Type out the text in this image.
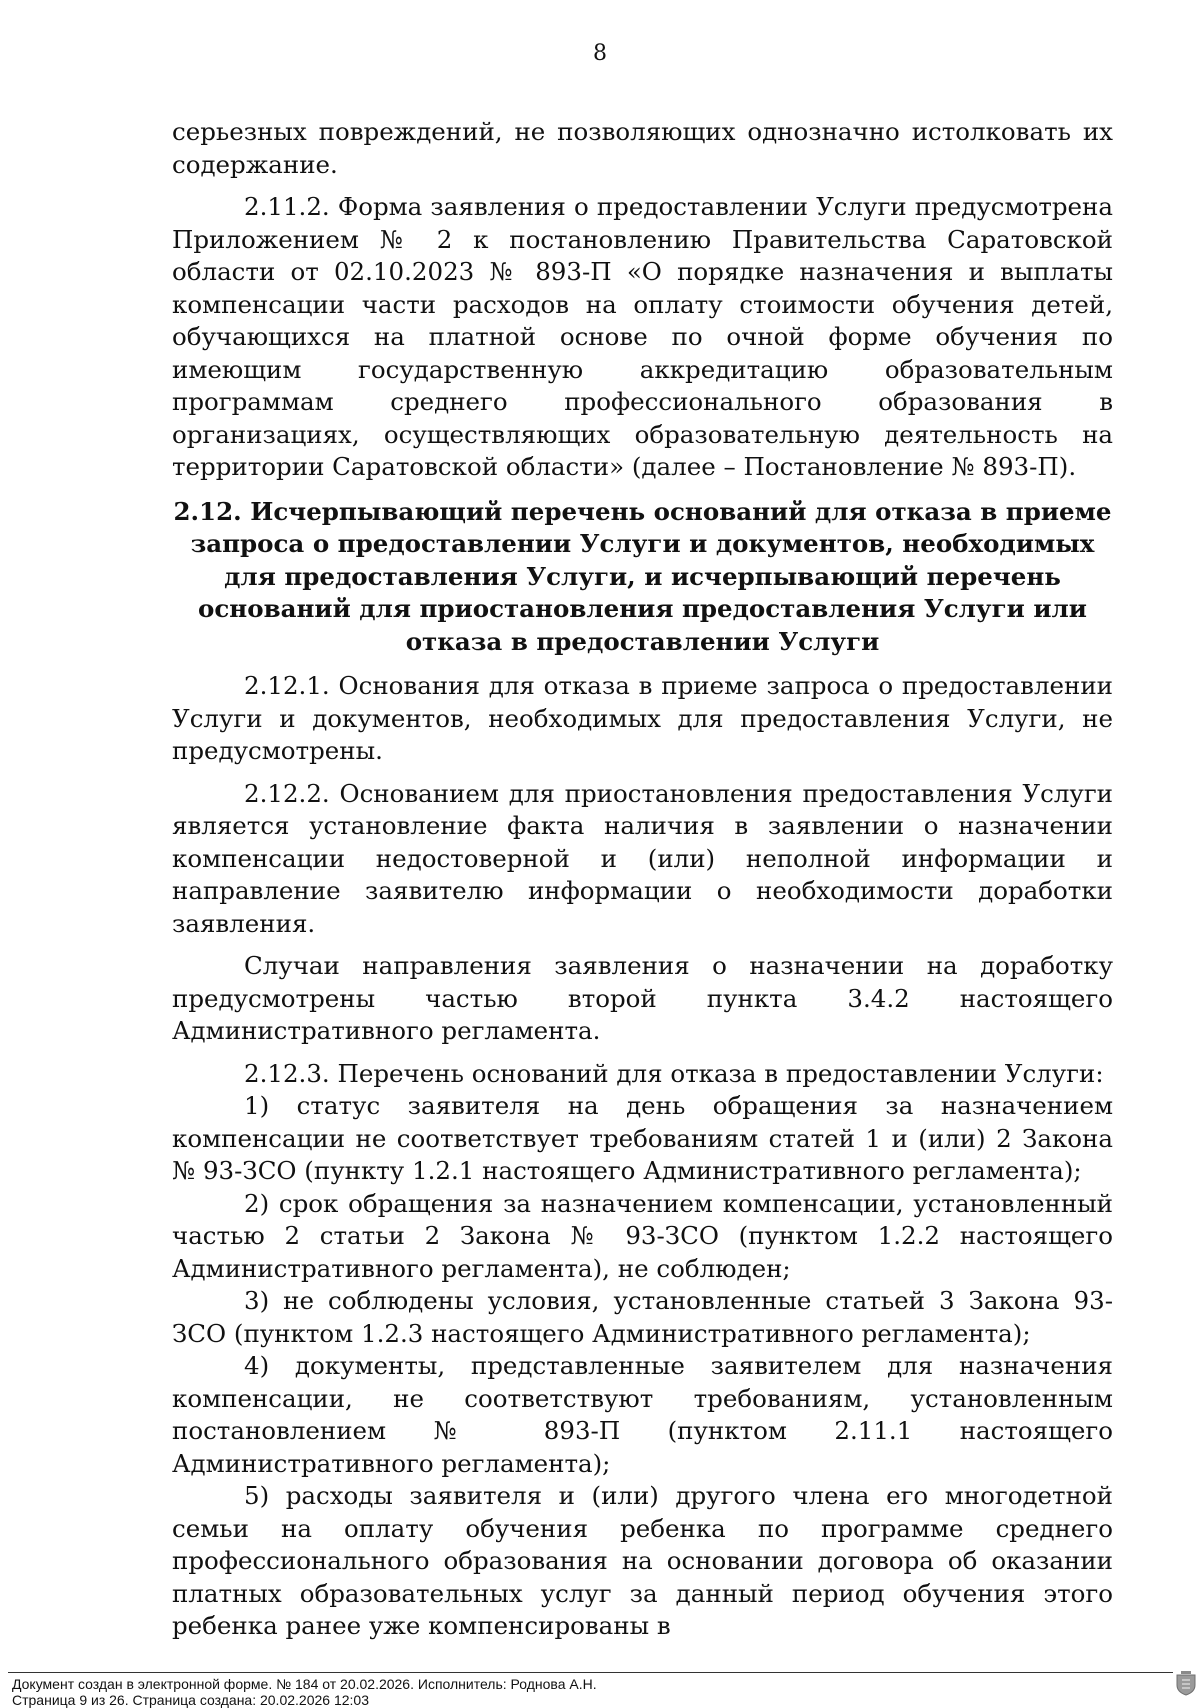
8

серьезных повреждений, не позволяющих однозначно истолковать их содержание.

2.11.2. Форма заявления о предоставлении Услуги предусмотрена Приложением № 2 к постановлению Правительства Саратовской области от 02.10.2023 № 893-П «О порядке назначения и выплаты компенсации части расходов на оплату стоимости обучения детей, обучающихся на платной основе по очной форме обучения по имеющим государственную аккредитацию образовательным программам среднего профессионального образования в организациях, осуществляющих образовательную деятельность на территории Саратовской области» (далее – Постановление № 893-П).

2.12. Исчерпывающий перечень оснований для отказа в приеме запроса о предоставлении Услуги и документов, необходимых для предоставления Услуги, и исчерпывающий перечень оснований для приостановления предоставления Услуги или отказа в предоставлении Услуги

2.12.1. Основания для отказа в приеме запроса о предоставлении Услуги и документов, необходимых для предоставления Услуги, не предусмотрены.

2.12.2. Основанием для приостановления предоставления Услуги является установление факта наличия в заявлении о назначении компенсации недостоверной и (или) неполной информации и направление заявителю информации о необходимости доработки заявления.

Случаи направления заявления о назначении на доработку предусмотрены частью второй пункта 3.4.2 настоящего Административного регламента.

2.12.3. Перечень оснований для отказа в предоставлении Услуги:

1) статус заявителя на день обращения за назначением компенсации не соответствует требованиям статей 1 и (или) 2 Закона № 93-ЗСО (пункту 1.2.1 настоящего Административного регламента);

2) срок обращения за назначением компенсации, установленный частью 2 статьи 2 Закона № 93-ЗСО (пунктом 1.2.2 настоящего Административного регламента), не соблюден;

3) не соблюдены условия, установленные статьей 3 Закона 93-ЗСО (пунктом 1.2.3 настоящего Административного регламента);

4) документы, представленные заявителем для назначения компенсации, не соответствуют требованиям, установленным постановлением № 893-П (пунктом 2.11.1 настоящего Административного регламента);

5) расходы заявителя и (или) другого члена его многодетной семьи на оплату обучения ребенка по программе среднего профессионального образования на основании договора об оказании платных образовательных услуг за данный период обучения этого ребенка ранее уже компенсированы в

Документ создан в электронной форме. № 184 от 20.02.2026. Исполнитель: Роднова А.Н.
Страница 9 из 26. Страница создана: 20.02.2026 12:03
